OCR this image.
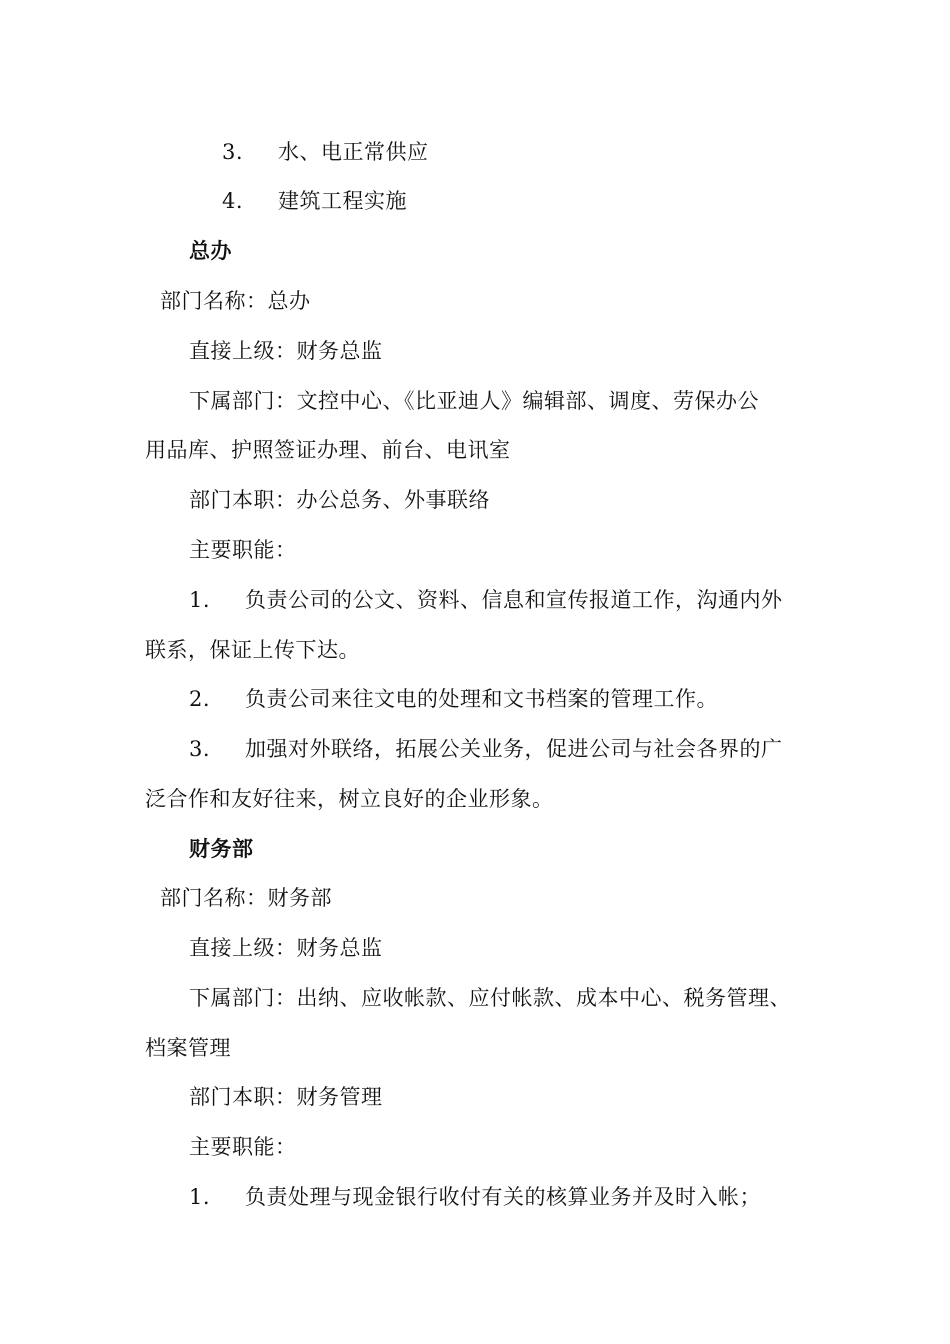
3. 水、电正常供应
4. 建筑工程实施
总办
部门名称：总办
直接上级：财务总监
下属部门：文控中心、《比亚迪人》编辑部、调度、劳保办公
用品库、护照签证办理、前台、电讯室
部门本职：办公总务、外事联络
主要职能：
1. 负责公司的公文、资料、信息和宣传报道工作，沟通内外
联系，保证上传下达。
2. 负责公司来往文电的处理和文书档案的管理工作。
3. 加强对外联络，拓展公关业务，促进公司与社会各界的广
泛合作和友好往来，树立良好的企业形象。
财务部
部门名称：财务部
直接上级：财务总监
下属部门：出纳、应收帐款、应付帐款、成本中心、税务管理、
档案管理
部门本职：财务管理
主要职能：
1. 负责处理与现金银行收付有关的核算业务并及时入帐；
